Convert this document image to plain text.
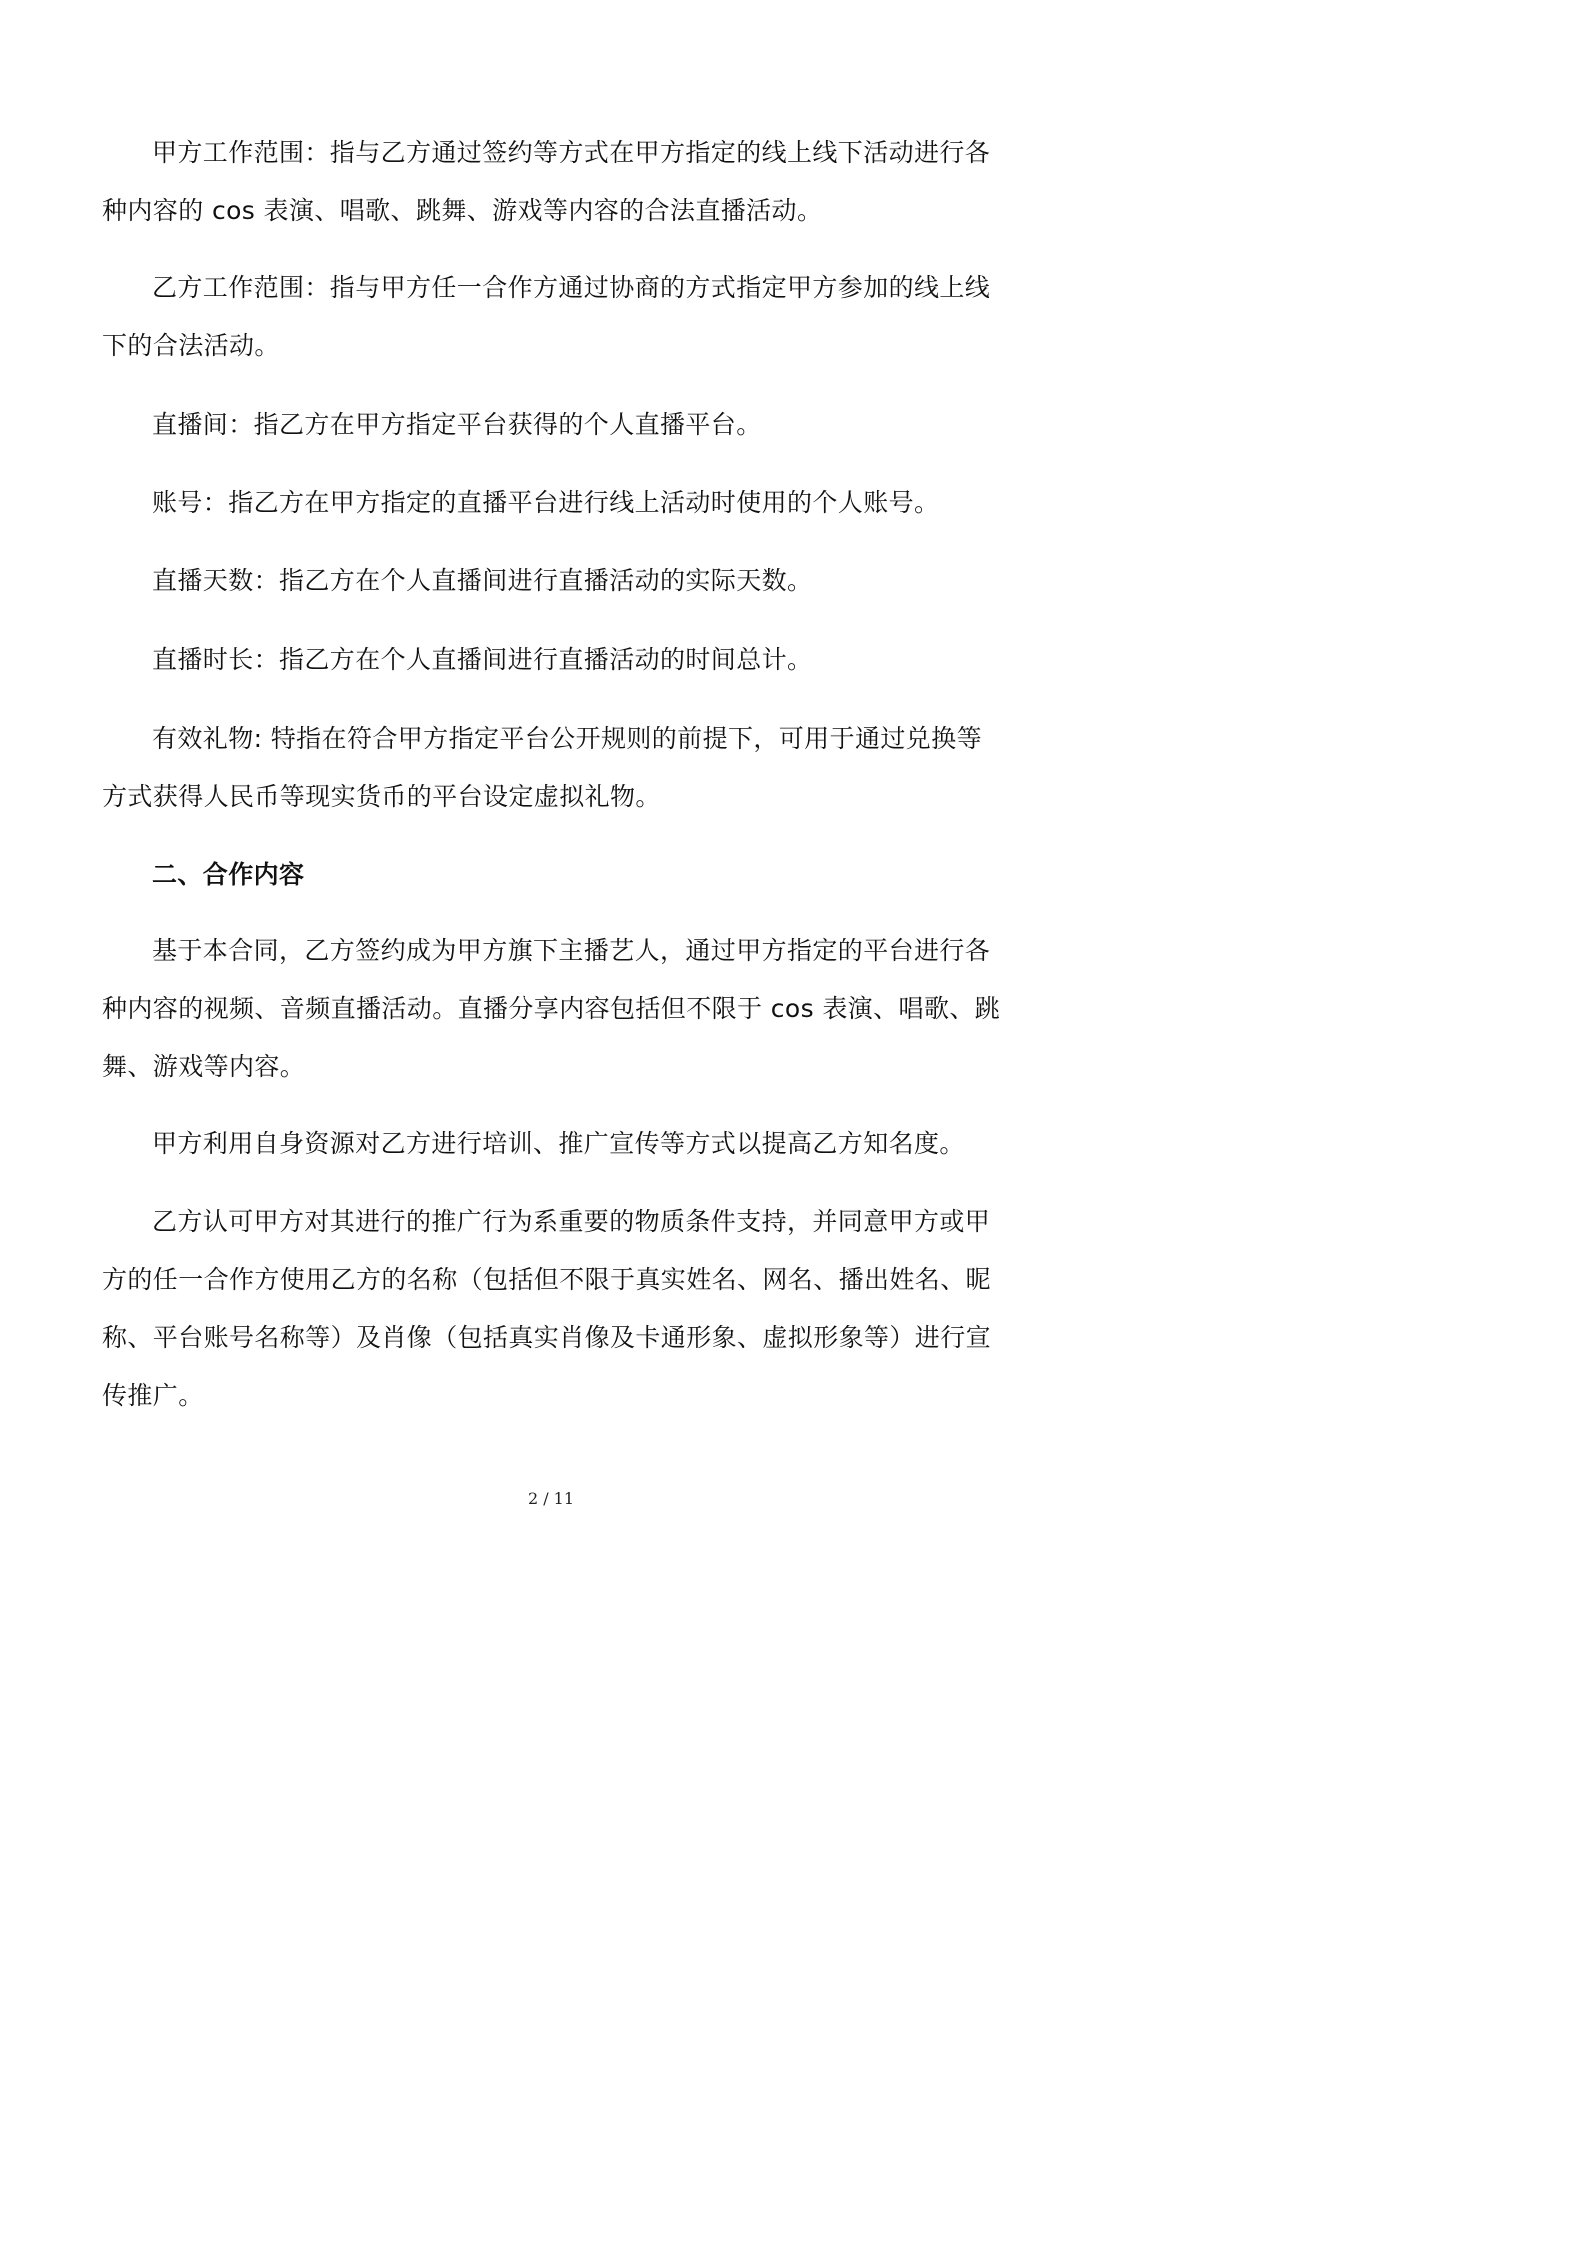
甲方工作范围：指与乙方通过签约等方式在甲方指定的线上线下活动进行各种内容的 cos 表演、唱歌、跳舞、游戏等内容的合法直播活动。

乙方工作范围：指与甲方任一合作方通过协商的方式指定甲方参加的线上线下的合法活动。

直播间：指乙方在甲方指定平台获得的个人直播平台。

账号：指乙方在甲方指定的直播平台进行线上活动时使用的个人账号。

直播天数：指乙方在个人直播间进行直播活动的实际天数。

直播时长：指乙方在个人直播间进行直播活动的时间总计。

有效礼物: 特指在符合甲方指定平台公开规则的前提下，可用于通过兑换等方式获得人民币等现实货币的平台设定虚拟礼物。

二、合作内容

基于本合同，乙方签约成为甲方旗下主播艺人，通过甲方指定的平台进行各种内容的视频、音频直播活动。直播分享内容包括但不限于 cos 表演、唱歌、跳舞、游戏等内容。

甲方利用自身资源对乙方进行培训、推广宣传等方式以提高乙方知名度。

乙方认可甲方对其进行的推广行为系重要的物质条件支持，并同意甲方或甲方的任一合作方使用乙方的名称（包括但不限于真实姓名、网名、播出姓名、昵称、平台账号名称等）及肖像（包括真实肖像及卡通形象、虚拟形象等）进行宣传推广。

2 / 11
